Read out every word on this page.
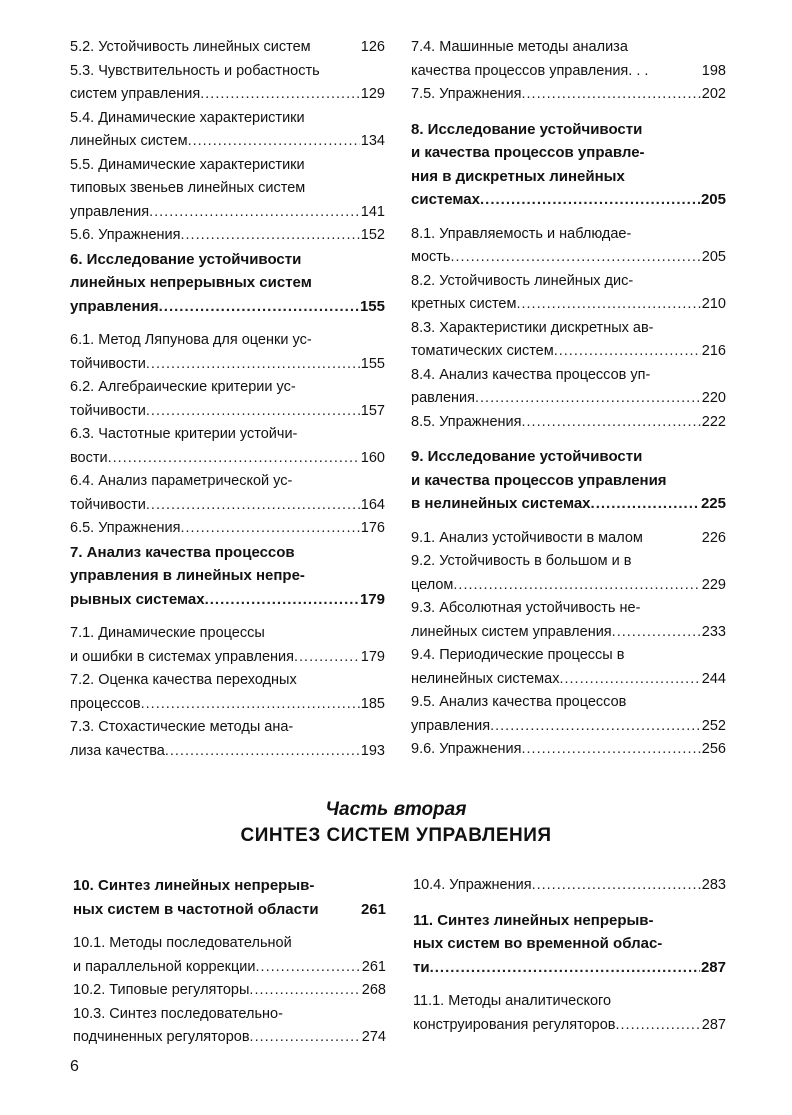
5.2. Устойчивость линейных систем	126
5.3. Чувствительность и робастность
систем управления .....	129
5.4. Динамические характеристики
линейных систем .....	134
5.5. Динамические характеристики
типовых звеньев линейных систем
управления .....	141
5.6. Упражнения .....	152
6. Исследование устойчивости
линейных непрерывных систем
управления .....	155
6.1. Метод Ляпунова для оценки ус-
тойчивости .....	155
6.2. Алгебраические критерии ус-
тойчивости .....	157
6.3. Частотные критерии устойчи-
вости .....	160
6.4. Анализ параметрической ус-
тойчивости .....	164
6.5. Упражнения .....	176
7. Анализ качества процессов
управления в линейных непре-
рывных системах .....	179
7.1. Динамические процессы
и ошибки в системах управления .....	179
7.2. Оценка качества переходных
процессов .....	185
7.3. Стохастические методы ана-
лиза качества .....	193
7.4. Машинные методы анализа
качества процессов управления. . .	198
7.5. Упражнения .....	202
8. Исследование устойчивости
и качества процессов управле-
ния в дискретных линейных
системах .....	205
8.1. Управляемость и наблюдае-
мость .....	205
8.2. Устойчивость линейных дис-
кретных систем .....	210
8.3. Характеристики дискретных ав-
томатических систем .....	216
8.4. Анализ качества процессов уп-
равления .....	220
8.5. Упражнения .....	222
9. Исследование устойчивости
и качества процессов управления
в нелинейных системах .....	225
9.1. Анализ устойчивости в малом	226
9.2. Устойчивость в большом и в
целом .....	229
9.3. Абсолютная устойчивость не-
линейных систем управления .....	233
9.4. Периодические процессы в
нелинейных системах .....	244
9.5. Анализ качества процессов
управления .....	252
9.6. Упражнения .....	256
Часть вторая
СИНТЕЗ СИСТЕМ УПРАВЛЕНИЯ
10. Синтез линейных непрерыв-
ных систем в частотной области	261
10.1. Методы последовательной
и параллельной коррекции .....	261
10.2. Типовые регуляторы .....	268
10.3. Синтез последовательно-
подчиненных регуляторов .....	274
10.4. Упражнения .....	283
11. Синтез линейных непрерыв-
ных систем во временной облас-
ти .....	287
11.1. Методы аналитического
конструирования регуляторов .....	287
6
